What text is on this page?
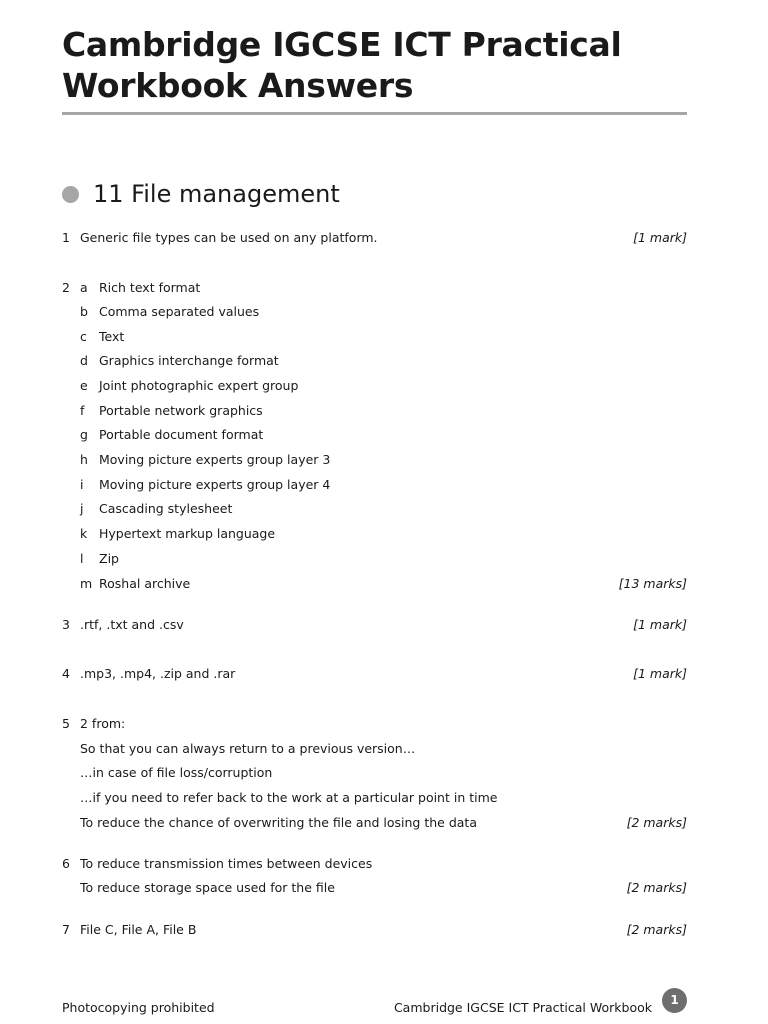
Cambridge IGCSE ICT Practical
Workbook Answers
11 File management
1 Generic file types can be used on any platform.	[1 mark]
2 a Rich text format
b Comma separated values
c Text
d Graphics interchange format
e Joint photographic expert group
f Portable network graphics
g Portable document format
h Moving picture experts group layer 3
i Moving picture experts group layer 4
j Cascading stylesheet
k Hypertext markup language
l Zip
m Roshal archive	[13 marks]
3 .rtf, .txt and .csv	[1 mark]
4 .mp3, .mp4, .zip and .rar	[1 mark]
5 2 from:
So that you can always return to a previous version…
…in case of file loss/corruption
…if you need to refer back to the work at a particular point in time
To reduce the chance of overwriting the file and losing the data	[2 marks]
6 To reduce transmission times between devices
To reduce storage space used for the file	[2 marks]
7 File C, File A, File B	[2 marks]
Photocopying prohibited	Cambridge IGCSE ICT Practical Workbook	1
